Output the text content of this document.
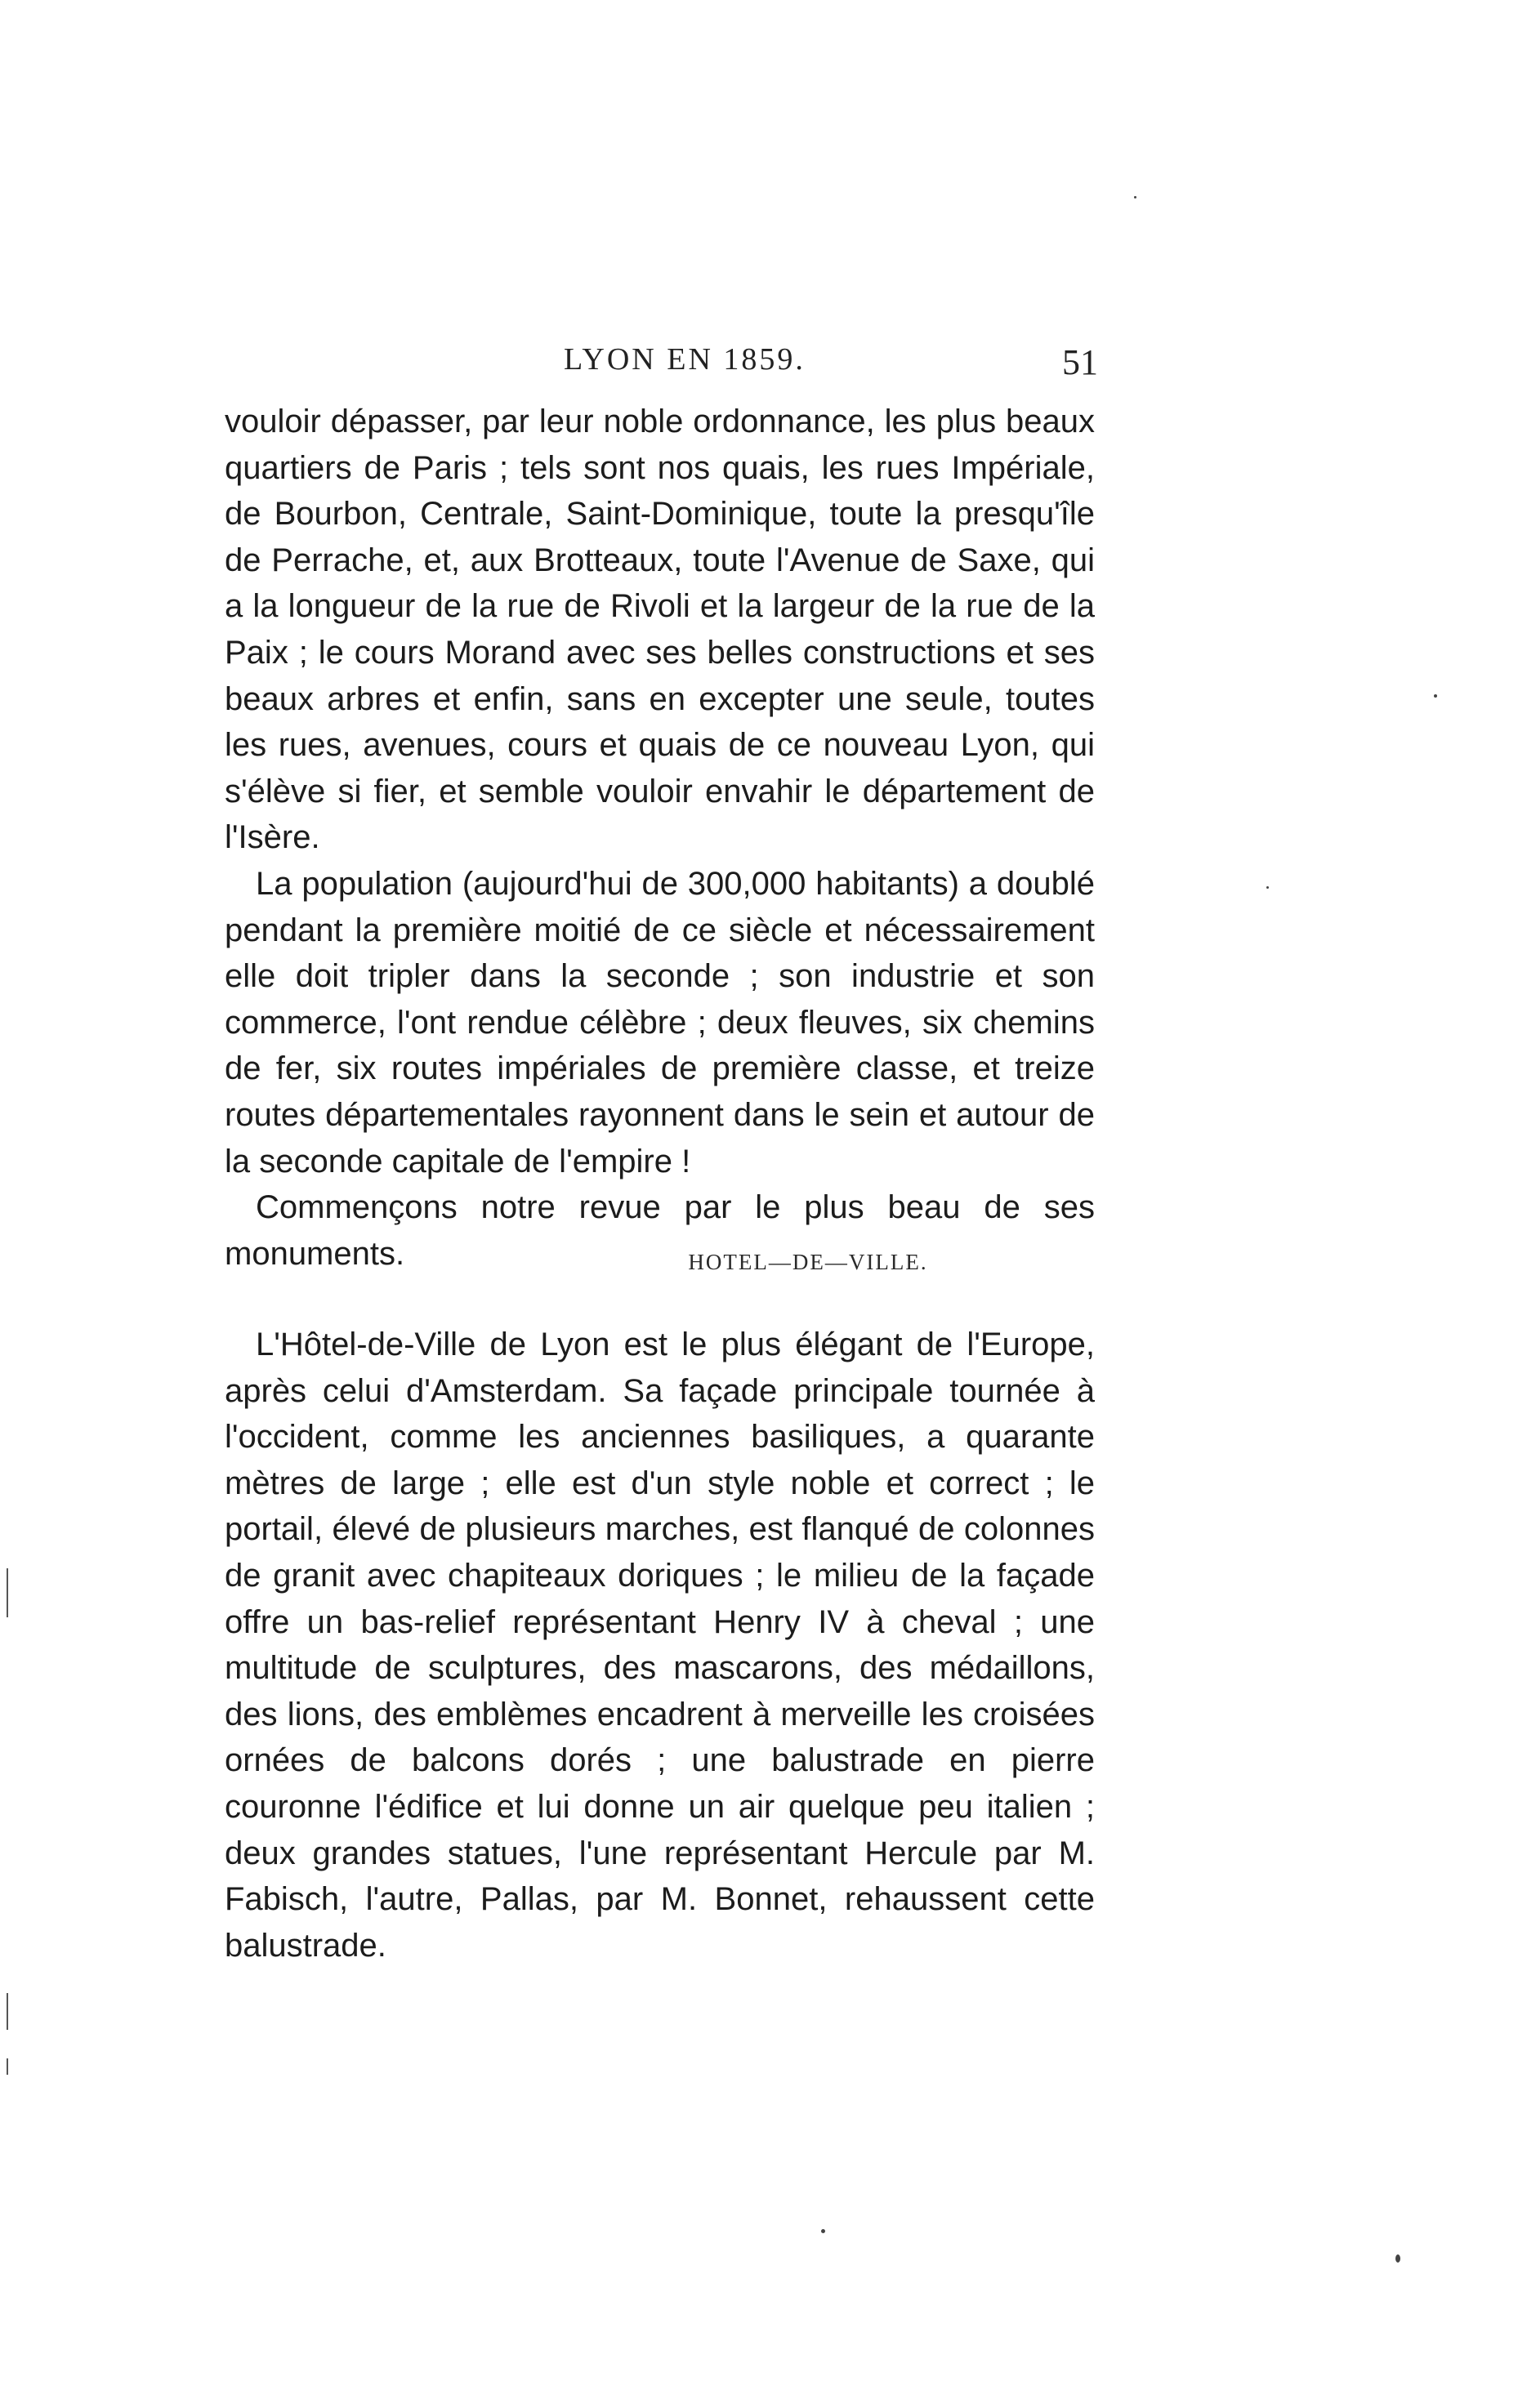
LYON EN 1859.	51

vouloir dépasser, par leur noble ordonnance, les plus beaux quartiers de Paris ; tels sont nos quais, les rues Impériale, de Bourbon, Centrale, Saint-Dominique, toute la presqu'île de Perrache, et, aux Brotteaux, toute l'Avenue de Saxe, qui a la longueur de la rue de Rivoli et la largeur de la rue de la Paix ; le cours Morand avec ses belles constructions et ses beaux arbres et enfin, sans en excepter une seule, toutes les rues, avenues, cours et quais de ce nouveau Lyon, qui s'élève si fier, et semble vouloir envahir le département de l'Isère.

La population (aujourd'hui de 300,000 habitants) a doublé pendant la première moitié de ce siècle et nécessairement elle doit tripler dans la seconde ; son industrie et son commerce, l'ont rendue célèbre ; deux fleuves, six chemins de fer, six routes impériales de première classe, et treize routes départementales rayonnent dans le sein et autour de la seconde capitale de l'empire !

Commençons notre revue par le plus beau de ses monuments.	HOTEL—DE—VILLE.

L'Hôtel-de-Ville de Lyon est le plus élégant de l'Europe, après celui d'Amsterdam. Sa façade principale tournée à l'occident, comme les anciennes basiliques, a quarante mètres de large ; elle est d'un style noble et correct ; le portail, élevé de plusieurs marches, est flanqué de colonnes de granit avec chapiteaux doriques ; le milieu de la façade offre un bas-relief représentant Henry IV à cheval ; une multitude de sculptures, des mascarons, des médaillons, des lions, des emblèmes encadrent à merveille les croisées ornées de balcons dorés ; une balustrade en pierre couronne l'édifice et lui donne un air quelque peu italien ; deux grandes statues, l'une représentant Hercule par M. Fabisch, l'autre, Pallas, par M. Bonnet, rehaussent cette balustrade.
